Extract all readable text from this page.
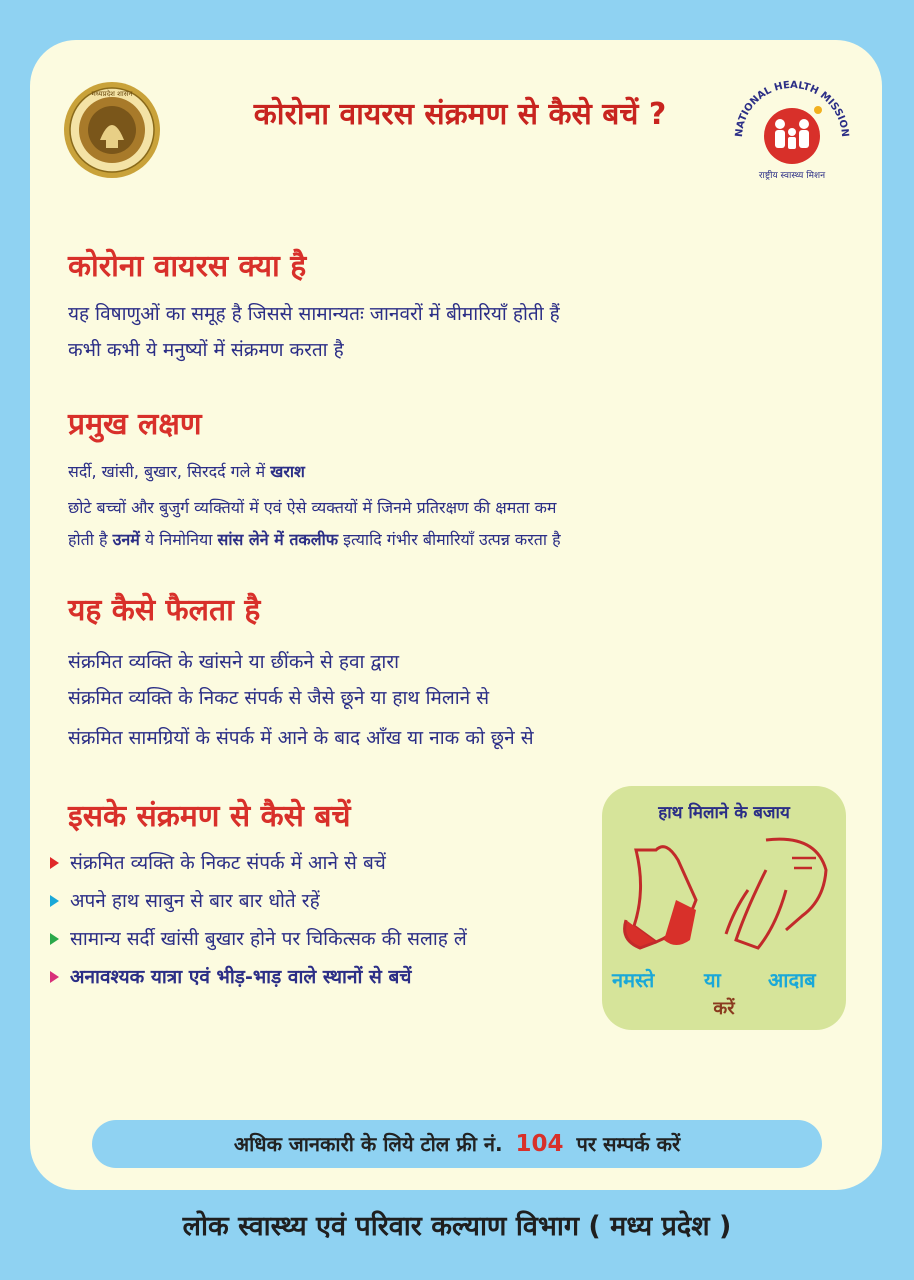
मध्यप्रदेश शासन
NATIONAL HEALTH MISSION
राष्ट्रीय स्वास्थ्य मिशन
कोरोना वायरस संक्रमण से कैसे बचें ?
कोरोना वायरस क्या है

यह विषाणुओं का समूह है जिससे सामान्यतः जानवरों में बीमारियाँ होती हैं

कभी कभी ये मनुष्यों में संक्रमण करता है

प्रमुख लक्षण

सर्दी, खांसी, बुखार, सिरदर्द गले में खराश

छोटे बच्चों और बुजुर्ग व्यक्तियों में एवं ऐसे व्यक्तयों में जिनमे प्रतिरक्षण की क्षमता कम

होती है उनमें ये निमोनिया सांस लेने में तकलीफ इत्यादि गंभीर बीमारियाँ उत्पन्न करता है

यह कैसे फैलता है

संक्रमित व्यक्ति के खांसने या छींकने से हवा द्वारा

संक्रमित व्यक्ति के निकट संपर्क से जैसे छूने या हाथ मिलाने से

संक्रमित सामग्रियों के संपर्क में आने के बाद आँख या नाक को छूने से

इसके संक्रमण से कैसे बचें
संक्रमित व्यक्ति के निकट संपर्क में आने से बचें
अपने हाथ साबुन से बार बार धोते रहें
सामान्य सर्दी खांसी बुखार होने पर चिकित्सक की सलाह लें
अनावश्यक यात्रा एवं भीड़-भाड़ वाले स्थानों से बचें
हाथ मिलाने के बजाय
नमस्ते या आदाब
करें
अधिक जानकारी के लिये टोल फ्री नं. 104 पर सम्पर्क करें
लोक स्वास्थ्य एवं परिवार कल्याण विभाग ( मध्य प्रदेश )
